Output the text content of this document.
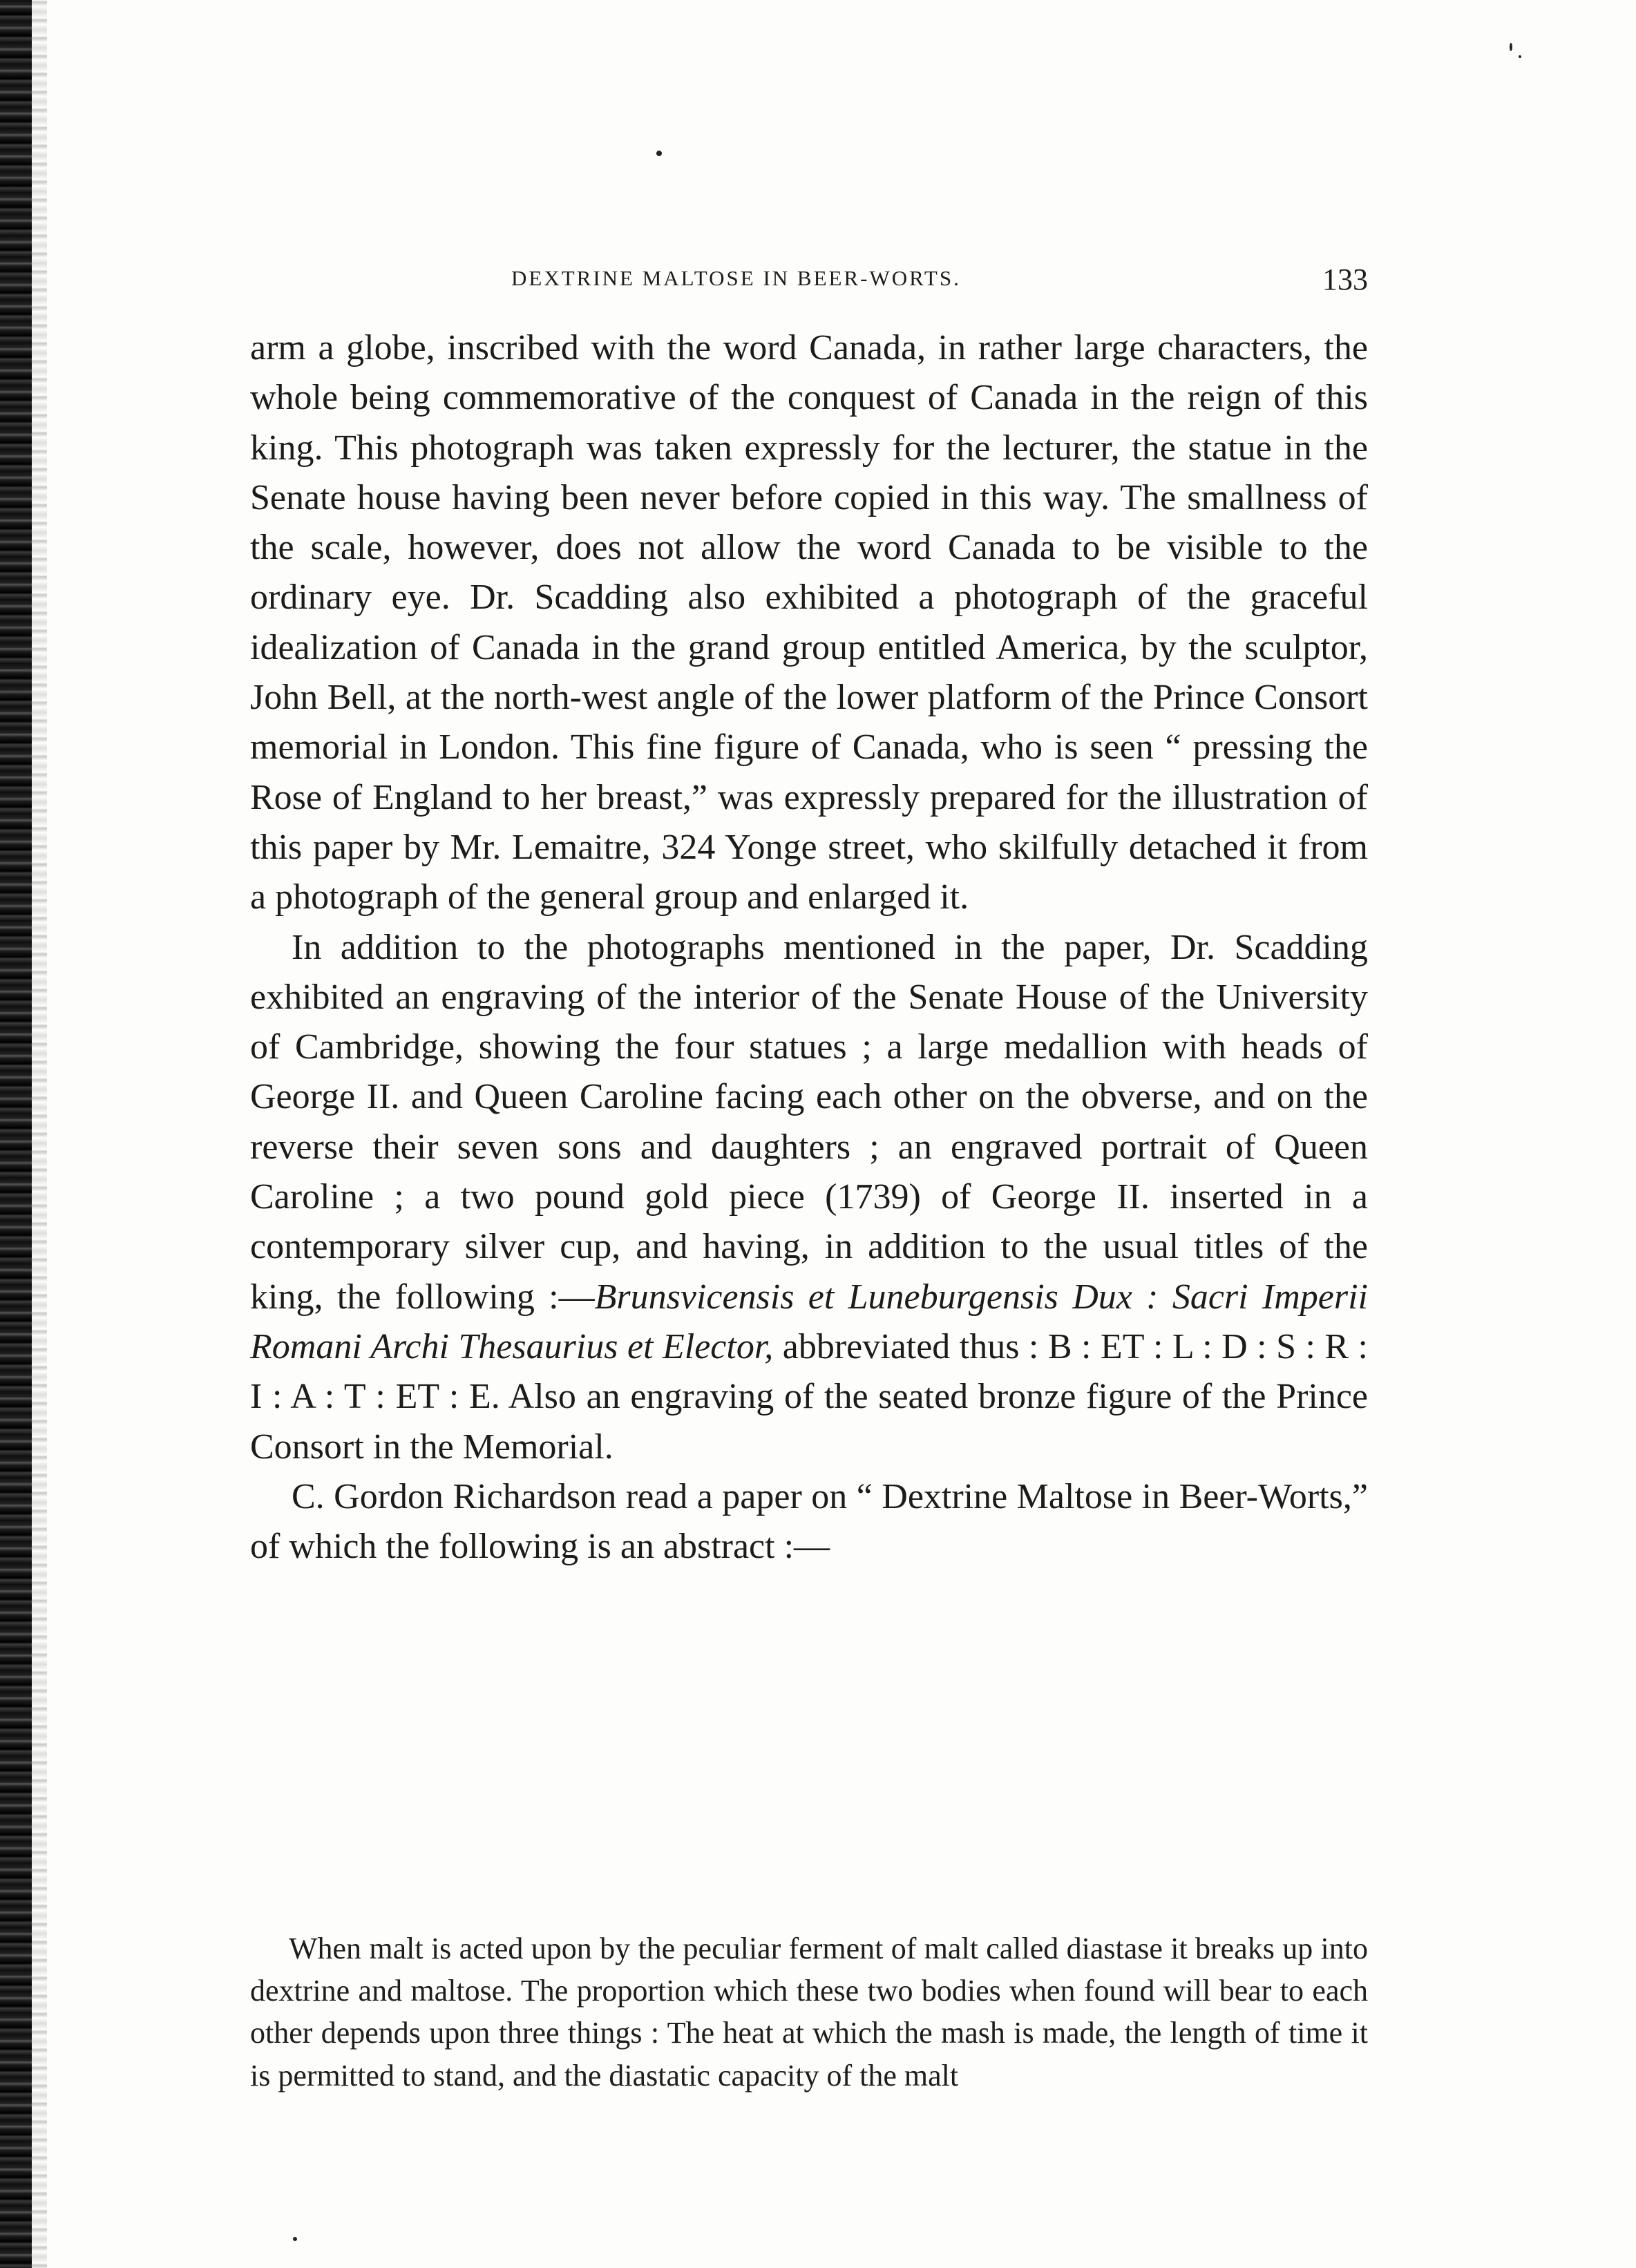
DEXTRINE MALTOSE IN BEER-WORTS.	133

arm a globe, inscribed with the word Canada, in rather large characters, the whole being commemorative of the conquest of Canada in the reign of this king. This photograph was taken expressly for the lecturer, the statue in the Senate house having been never before copied in this way. The smallness of the scale, however, does not allow the word Canada to be visible to the ordinary eye. Dr. Scadding also exhibited a photograph of the graceful idealization of Canada in the grand group entitled America, by the sculptor, John Bell, at the north-west angle of the lower platform of the Prince Consort memorial in London. This fine figure of Canada, who is seen “ pressing the Rose of England to her breast,” was expressly prepared for the illustration of this paper by Mr. Lemaitre, 324 Yonge street, who skilfully detached it from a photograph of the general group and enlarged it.

In addition to the photographs mentioned in the paper, Dr. Scadding exhibited an engraving of the interior of the Senate House of the University of Cambridge, showing the four statues ; a large medallion with heads of George II. and Queen Caroline facing each other on the obverse, and on the reverse their seven sons and daughters ; an engraved portrait of Queen Caroline ; a two pound gold piece (1739) of George II. inserted in a contemporary silver cup, and having, in addition to the usual titles of the king, the following :—Brunsvicensis et Luneburgensis Dux : Sacri Imperii Romani Archi Thesaurius et Elector, abbreviated thus : B : ET : L : D : S : R : I : A : T : ET : E. Also an engraving of the seated bronze figure of the Prince Consort in the Memorial.

C. Gordon Richardson read a paper on “ Dextrine Maltose in Beer-Worts,” of which the following is an abstract :—

When malt is acted upon by the peculiar ferment of malt called diastase it breaks up into dextrine and maltose. The proportion which these two bodies when found will bear to each other depends upon three things : The heat at which the mash is made, the length of time it is permitted to stand, and the diastatic capacity of the malt
